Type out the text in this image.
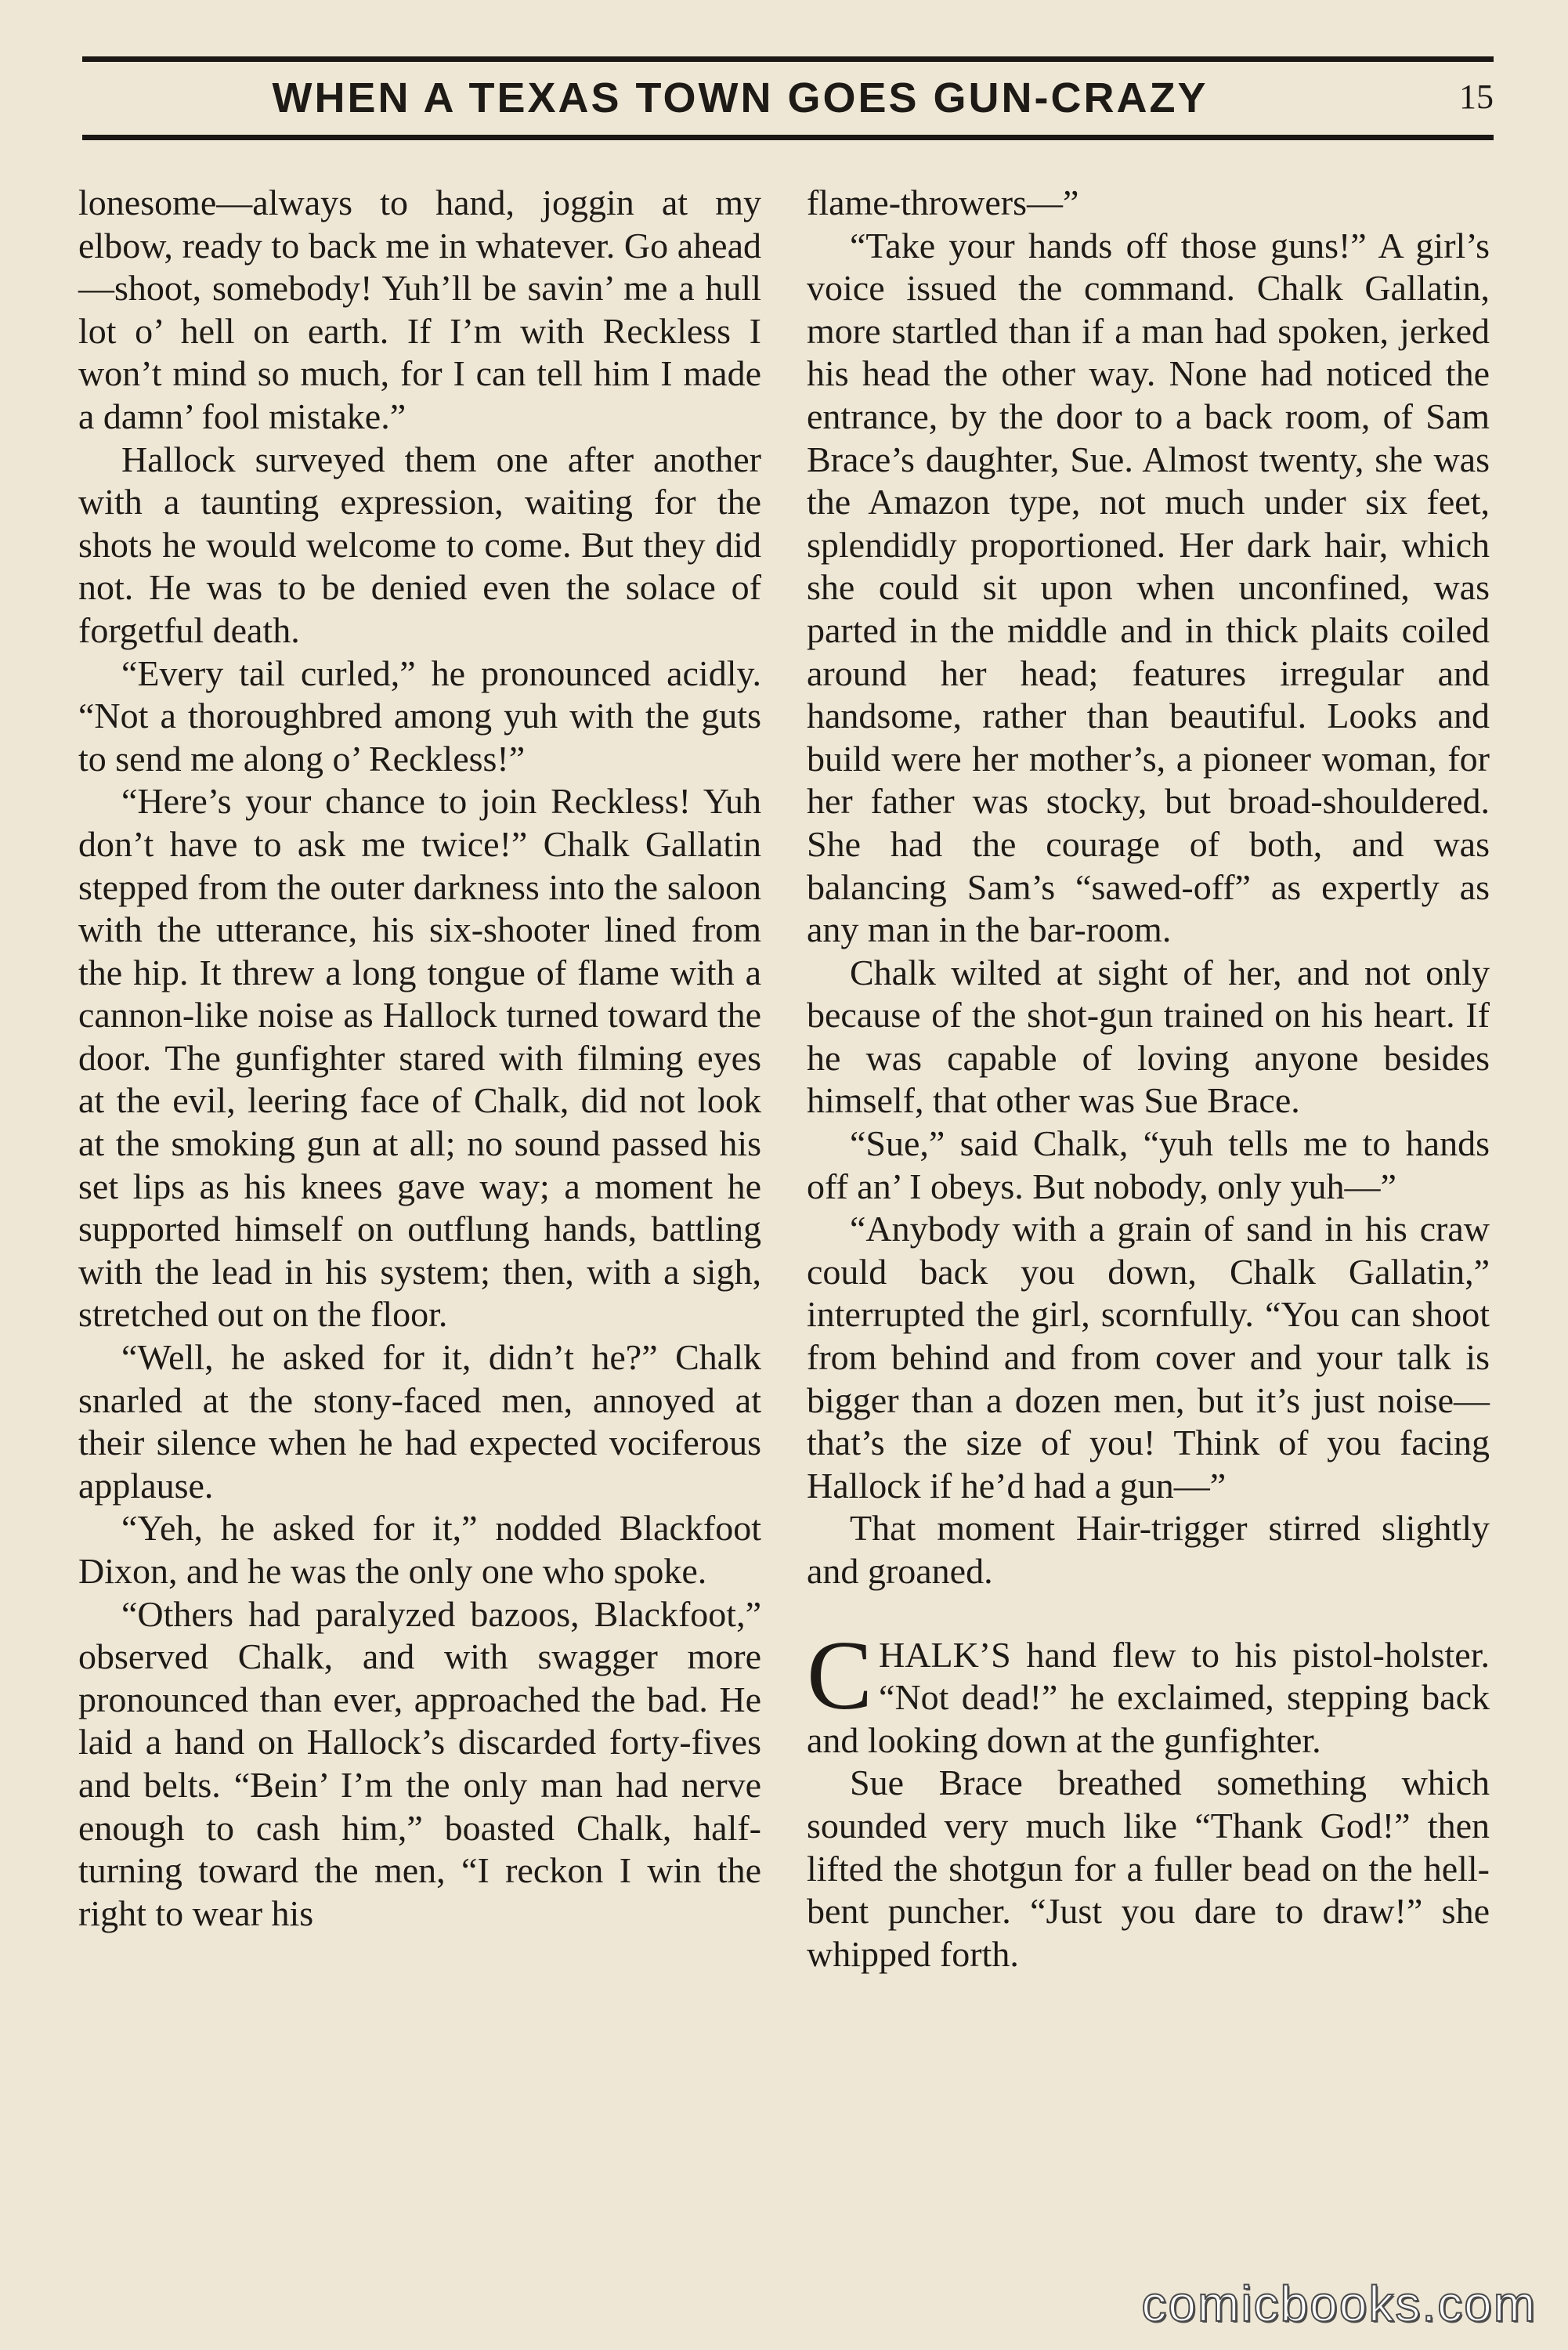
WHEN A TEXAS TOWN GOES GUN-CRAZY	15

lonesome—always to hand, joggin at my elbow, ready to back me in whatever. Go ahead—shoot, somebody! Yuh’ll be savin’ me a hull lot o’ hell on earth. If I’m with Reckless I won’t mind so much, for I can tell him I made a damn’ fool mistake.”

Hallock surveyed them one after another with a taunting expression, waiting for the shots he would welcome to come. But they did not. He was to be denied even the solace of forgetful death.

“Every tail curled,” he pronounced acidly. “Not a thoroughbred among yuh with the guts to send me along o’ Reckless!”

“Here’s your chance to join Reckless! Yuh don’t have to ask me twice!” Chalk Gallatin stepped from the outer darkness into the saloon with the utterance, his six-shooter lined from the hip. It threw a long tongue of flame with a cannon-like noise as Hallock turned toward the door. The gunfighter stared with filming eyes at the evil, leering face of Chalk, did not look at the smoking gun at all; no sound passed his set lips as his knees gave way; a moment he supported himself on outflung hands, battling with the lead in his system; then, with a sigh, stretched out on the floor.

“Well, he asked for it, didn’t he?” Chalk snarled at the stony-faced men, annoyed at their silence when he had expected vociferous applause.

“Yeh, he asked for it,” nodded Blackfoot Dixon, and he was the only one who spoke.

“Others had paralyzed bazoos, Blackfoot,” observed Chalk, and with swagger more pronounced than ever, approached the bad. He laid a hand on Hallock’s discarded forty-fives and belts. “Bein’ I’m the only man had nerve enough to cash him,” boasted Chalk, half-turning toward the men, “I reckon I win the right to wear his

flame-throwers—”

“Take your hands off those guns!” A girl’s voice issued the command. Chalk Gallatin, more startled than if a man had spoken, jerked his head the other way. None had noticed the entrance, by the door to a back room, of Sam Brace’s daughter, Sue. Almost twenty, she was the Amazon type, not much under six feet, splendidly proportioned. Her dark hair, which she could sit upon when unconfined, was parted in the middle and in thick plaits coiled around her head; features irregular and handsome, rather than beautiful. Looks and build were her mother’s, a pioneer woman, for her father was stocky, but broad-shouldered. She had the courage of both, and was balancing Sam’s “sawed-off” as expertly as any man in the bar-room.

Chalk wilted at sight of her, and not only because of the shot-gun trained on his heart. If he was capable of loving anyone besides himself, that other was Sue Brace.

“Sue,” said Chalk, “yuh tells me to hands off an’ I obeys. But nobody, only yuh—”

“Anybody with a grain of sand in his craw could back you down, Chalk Gallatin,” interrupted the girl, scornfully. “You can shoot from behind and from cover and your talk is bigger than a dozen men, but it’s just noise—that’s the size of you! Think of you facing Hallock if he’d had a gun—”

That moment Hair-trigger stirred slightly and groaned.

CHALK’S hand flew to his pistol-holster. “Not dead!” he exclaimed, stepping back and looking down at the gunfighter.

Sue Brace breathed something which sounded very much like “Thank God!” then lifted the shotgun for a fuller bead on the hell-bent puncher. “Just you dare to draw!” she whipped forth.

comicbooks.com
